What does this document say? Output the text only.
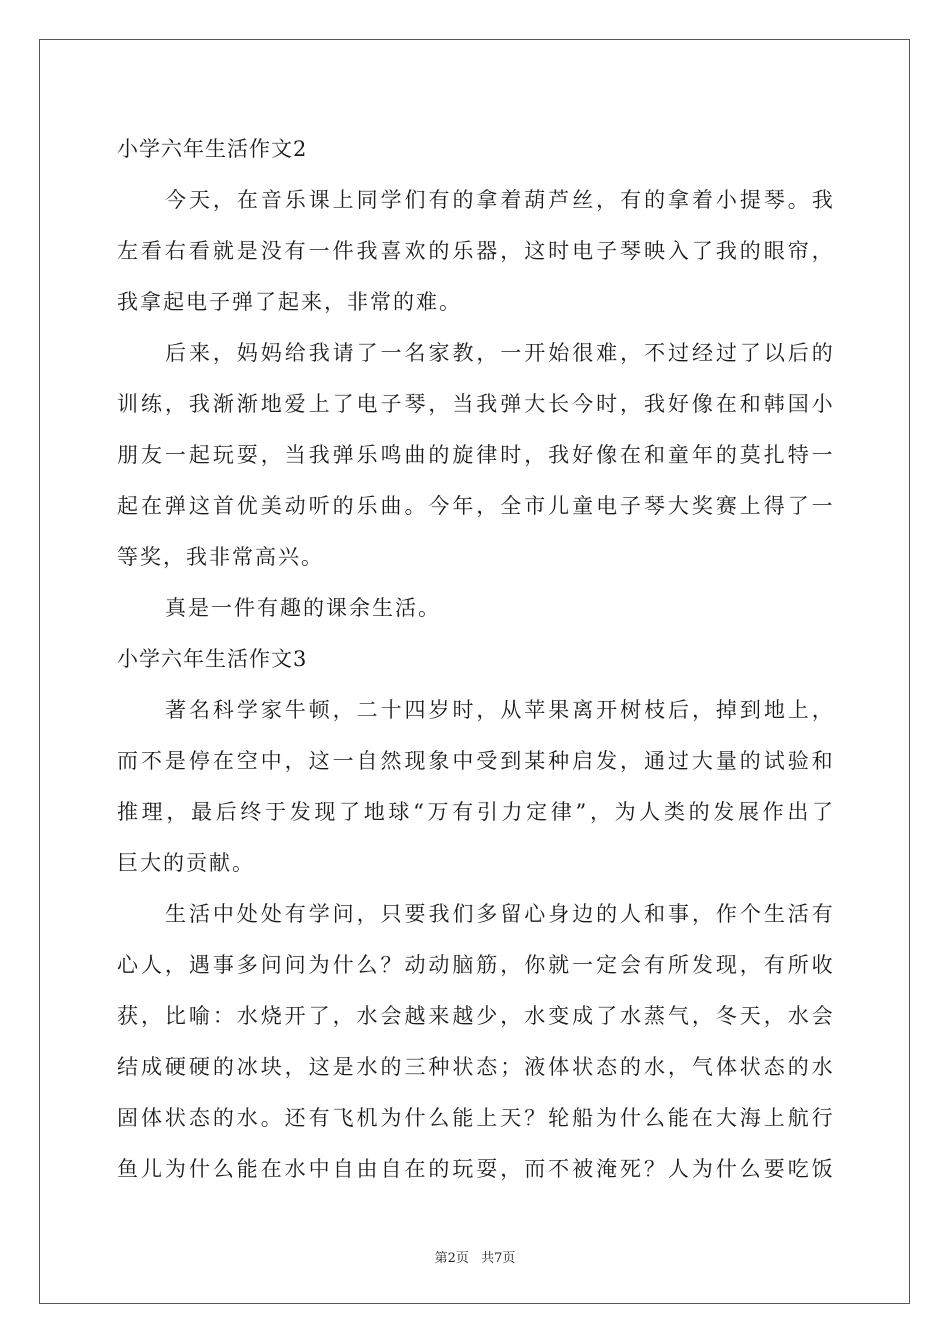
小学六年生活作文2
今 天 ， 在 音 乐 课 上 同 学 们 有 的 拿 着 葫 芦 丝 ， 有 的 拿 着 小 提 琴 。 我
左 看 右 看 就 是 没 有 一 件 我 喜 欢 的 乐 器 ， 这 时 电 子 琴 映 入 了 我 的 眼 帘 ，
我拿起电子弹了起来，非常的难。
后 来 ， 妈 妈 给 我 请 了 一 名 家 教 ， 一 开 始 很 难 ， 不 过 经 过 了 以 后 的
训 练 ， 我 渐 渐 地 爱 上 了 电 子 琴 ， 当 我 弹 大 长 今 时 ， 我 好 像 在 和 韩 国 小
朋 友 一 起 玩 耍 ， 当 我 弹 乐 鸣 曲 的 旋 律 时 ， 我 好 像 在 和 童 年 的 莫 扎 特 一
起 在 弹 这 首 优 美 动 听 的 乐 曲 。 今 年 ， 全 市 儿 童 电 子 琴 大 奖 赛 上 得 了 一
等奖，我非常高兴。
真是一件有趣的课余生活。
小学六年生活作文3
著 名 科 学 家 牛 顿 ， 二 十 四 岁 时 ， 从 苹 果 离 开 树 枝 后 ， 掉 到 地 上 ，
而 不 是 停 在 空 中 ， 这 一 自 然 现 象 中 受 到 某 种 启 发 ， 通 过 大 量 的 试 验 和
推 理 ， 最 后 终 于 发 现 了 地 球 “ 万 有 引 力 定 律 ” ， 为 人 类 的 发 展 作 出 了
巨大的贡献。
生 活 中 处 处 有 学 问 ， 只 要 我 们 多 留 心 身 边 的 人 和 事 ， 作 个 生 活 有
心 人 ， 遇 事 多 问 问 为 什 么 ？ 动 动 脑 筋 ， 你 就 一 定 会 有 所 发 现 ， 有 所 收
获 ， 比 喻 ： 水 烧 开 了 ， 水 会 越 来 越 少 ， 水 变 成 了 水 蒸 气 ， 冬 天 ， 水 会
结 成 硬 硬 的 冰 块 ， 这 是 水 的 三 种 状 态 ； 液 体 状 态 的 水 ， 气 体 状 态 的 水
固 体 状 态 的 水 。 还 有 飞 机 为 什 么 能 上 天 ？ 轮 船 为 什 么 能 在 大 海 上 航 行
鱼 儿 为 什 么 能 在 水 中 自 由 自 在 的 玩 耍 ， 而 不 被 淹 死 ？ 人 为 什 么 要 吃 饭
第2页 共7页
